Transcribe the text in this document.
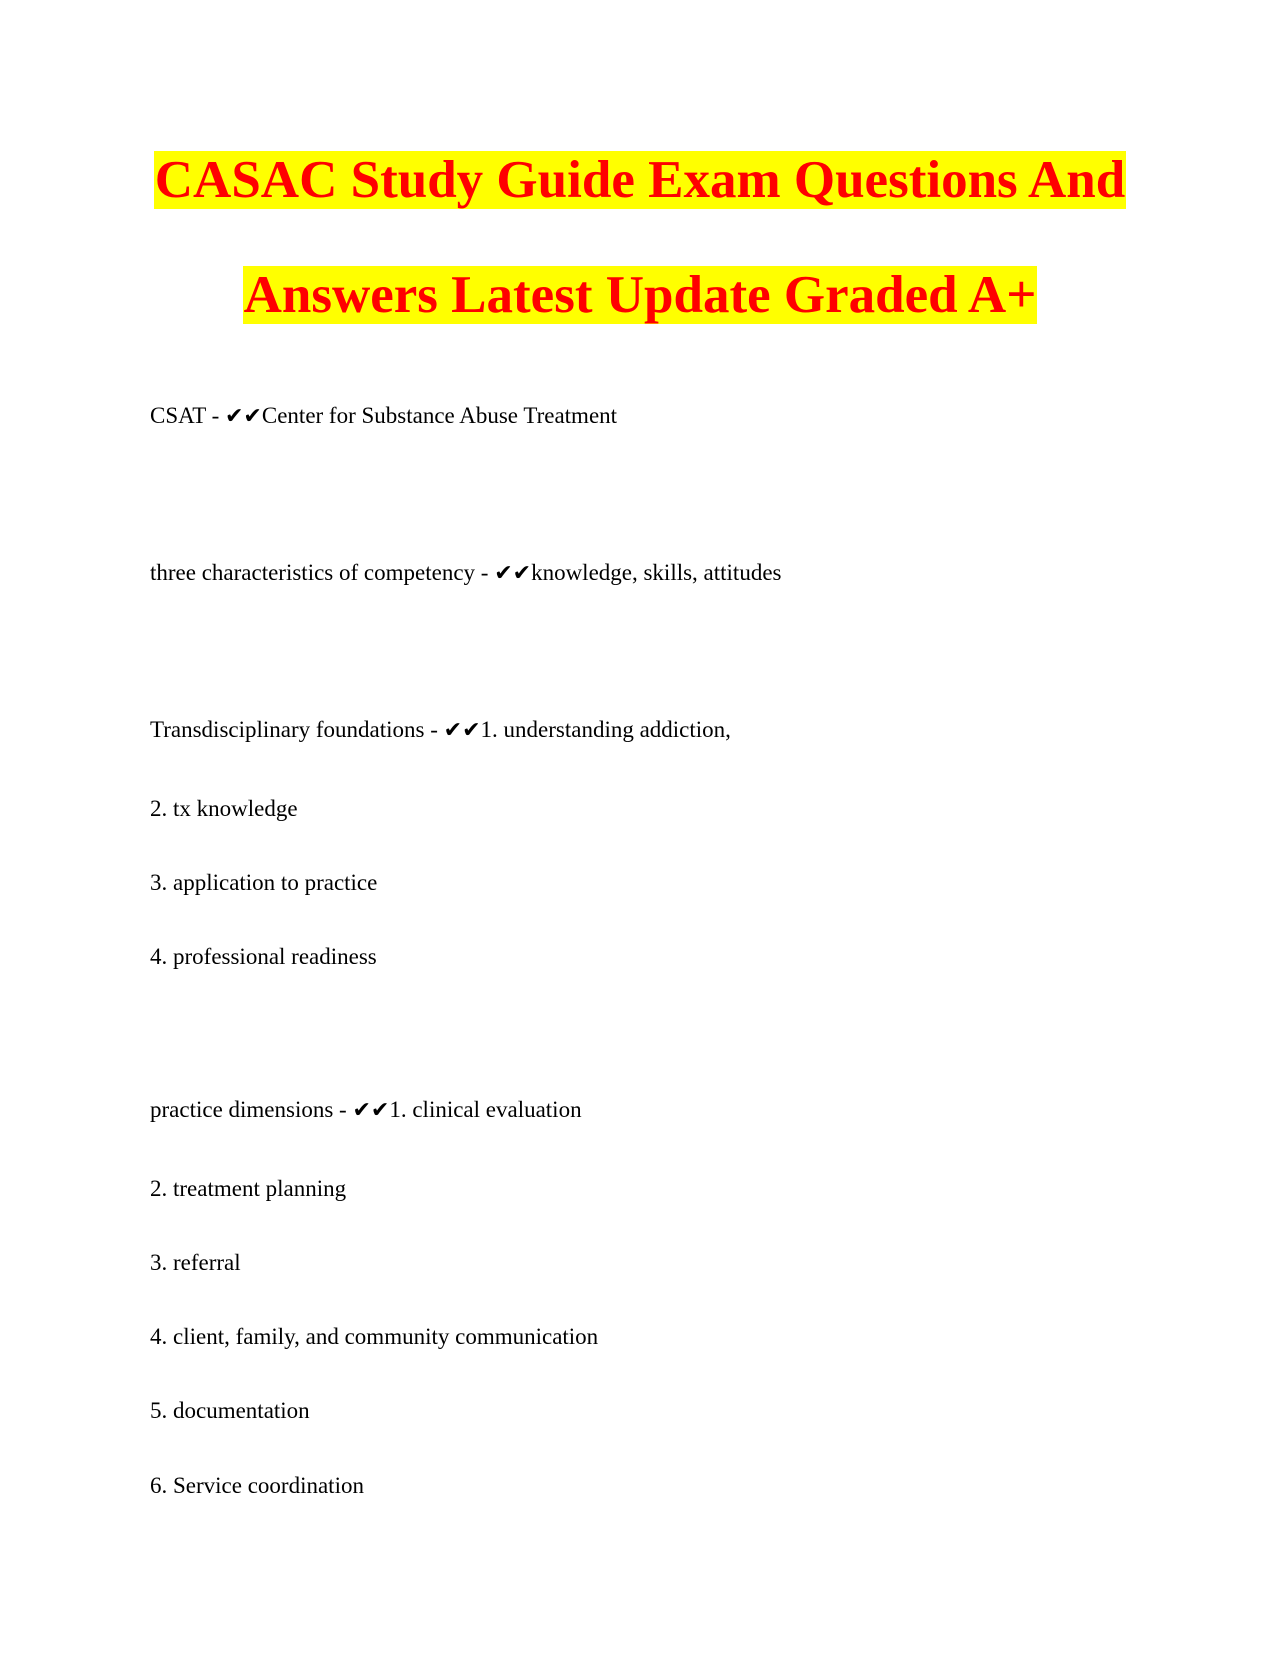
CASAC Study Guide Exam Questions And
Answers Latest Update Graded A+
CSAT - ✔✔Center for Substance Abuse Treatment
three characteristics of competency - ✔✔knowledge, skills, attitudes
Transdisciplinary foundations - ✔✔1. understanding addiction,
2. tx knowledge
3. application to practice
4. professional readiness
practice dimensions - ✔✔1. clinical evaluation
2. treatment planning
3. referral
4. client, family, and community communication
5. documentation
6. Service coordination
